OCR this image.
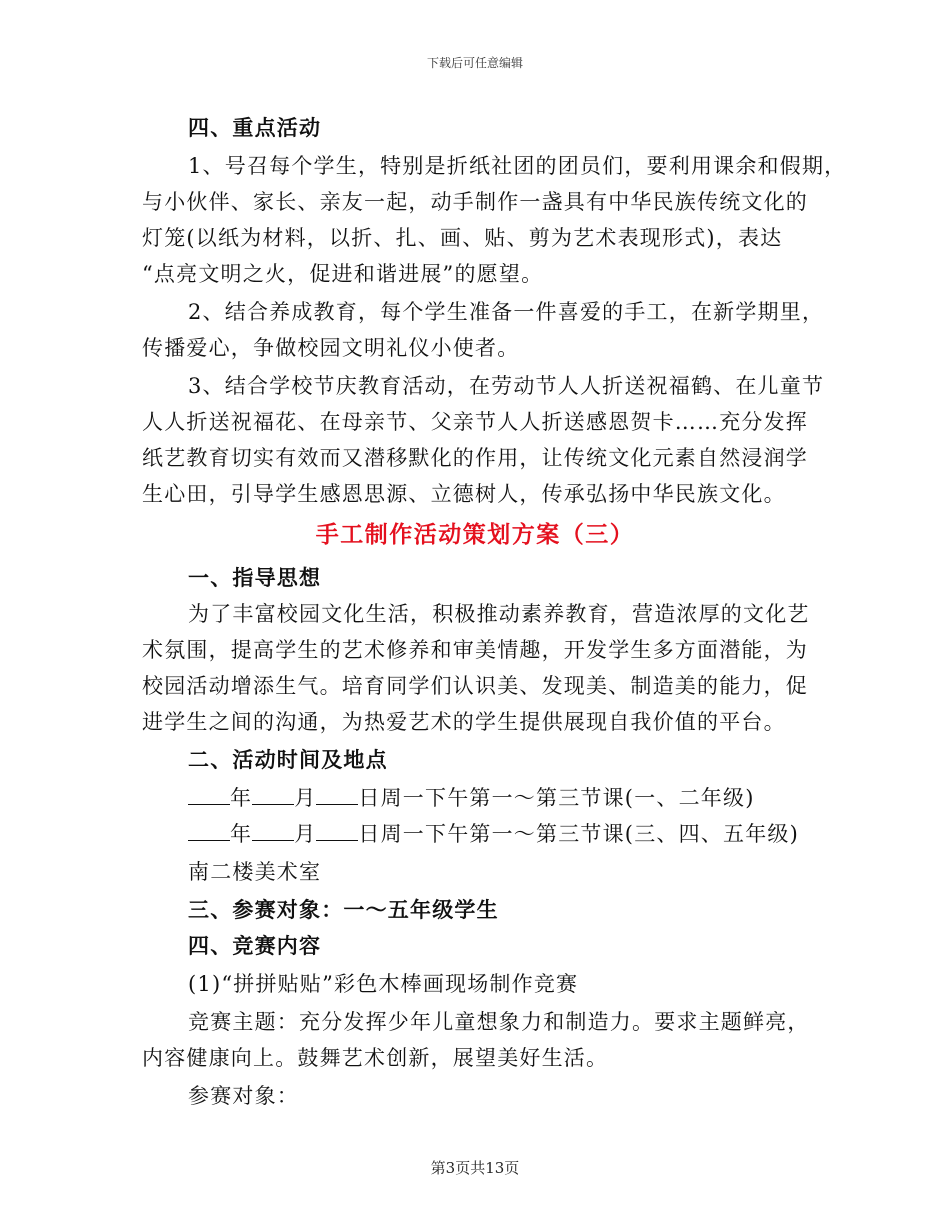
下载后可任意编辑
四、重点活动
1、号召每个学生，特别是折纸社团的团员们，要利用课余和假期，
与小伙伴、家长、亲友一起，动手制作一盏具有中华民族传统文化的
灯笼(以纸为材料，以折、扎、画、贴、剪为艺术表现形式)，表达
“点亮文明之火，促进和谐进展”的愿望。
2、结合养成教育，每个学生准备一件喜爱的手工，在新学期里，
传播爱心，争做校园文明礼仪小使者。
3、结合学校节庆教育活动，在劳动节人人折送祝福鹤、在儿童节
人人折送祝福花、在母亲节、父亲节人人折送感恩贺卡……充分发挥
纸艺教育切实有效而又潜移默化的作用，让传统文化元素自然浸润学
生心田，引导学生感恩思源、立德树人，传承弘扬中华民族文化。
手工制作活动策划方案（三）
一、指导思想
为了丰富校园文化生活，积极推动素养教育，营造浓厚的文化艺
术氛围，提高学生的艺术修养和审美情趣，开发学生多方面潜能，为
校园活动增添生气。培育同学们认识美、发现美、制造美的能力，促
进学生之间的沟通，为热爱艺术的学生提供展现自我价值的平台。
二、活动时间及地点
年 月 日周一下午第一～第三节课(一、二年级)
年 月 日周一下午第一～第三节课(三、四、五年级)
南二楼美术室
三、参赛对象：一～五年级学生
四、竞赛内容
(1)“拼拼贴贴”彩色木棒画现场制作竞赛
竞赛主题：充分发挥少年儿童想象力和制造力。要求主题鲜亮，
内容健康向上。鼓舞艺术创新，展望美好生活。
参赛对象：
第3页共13页
